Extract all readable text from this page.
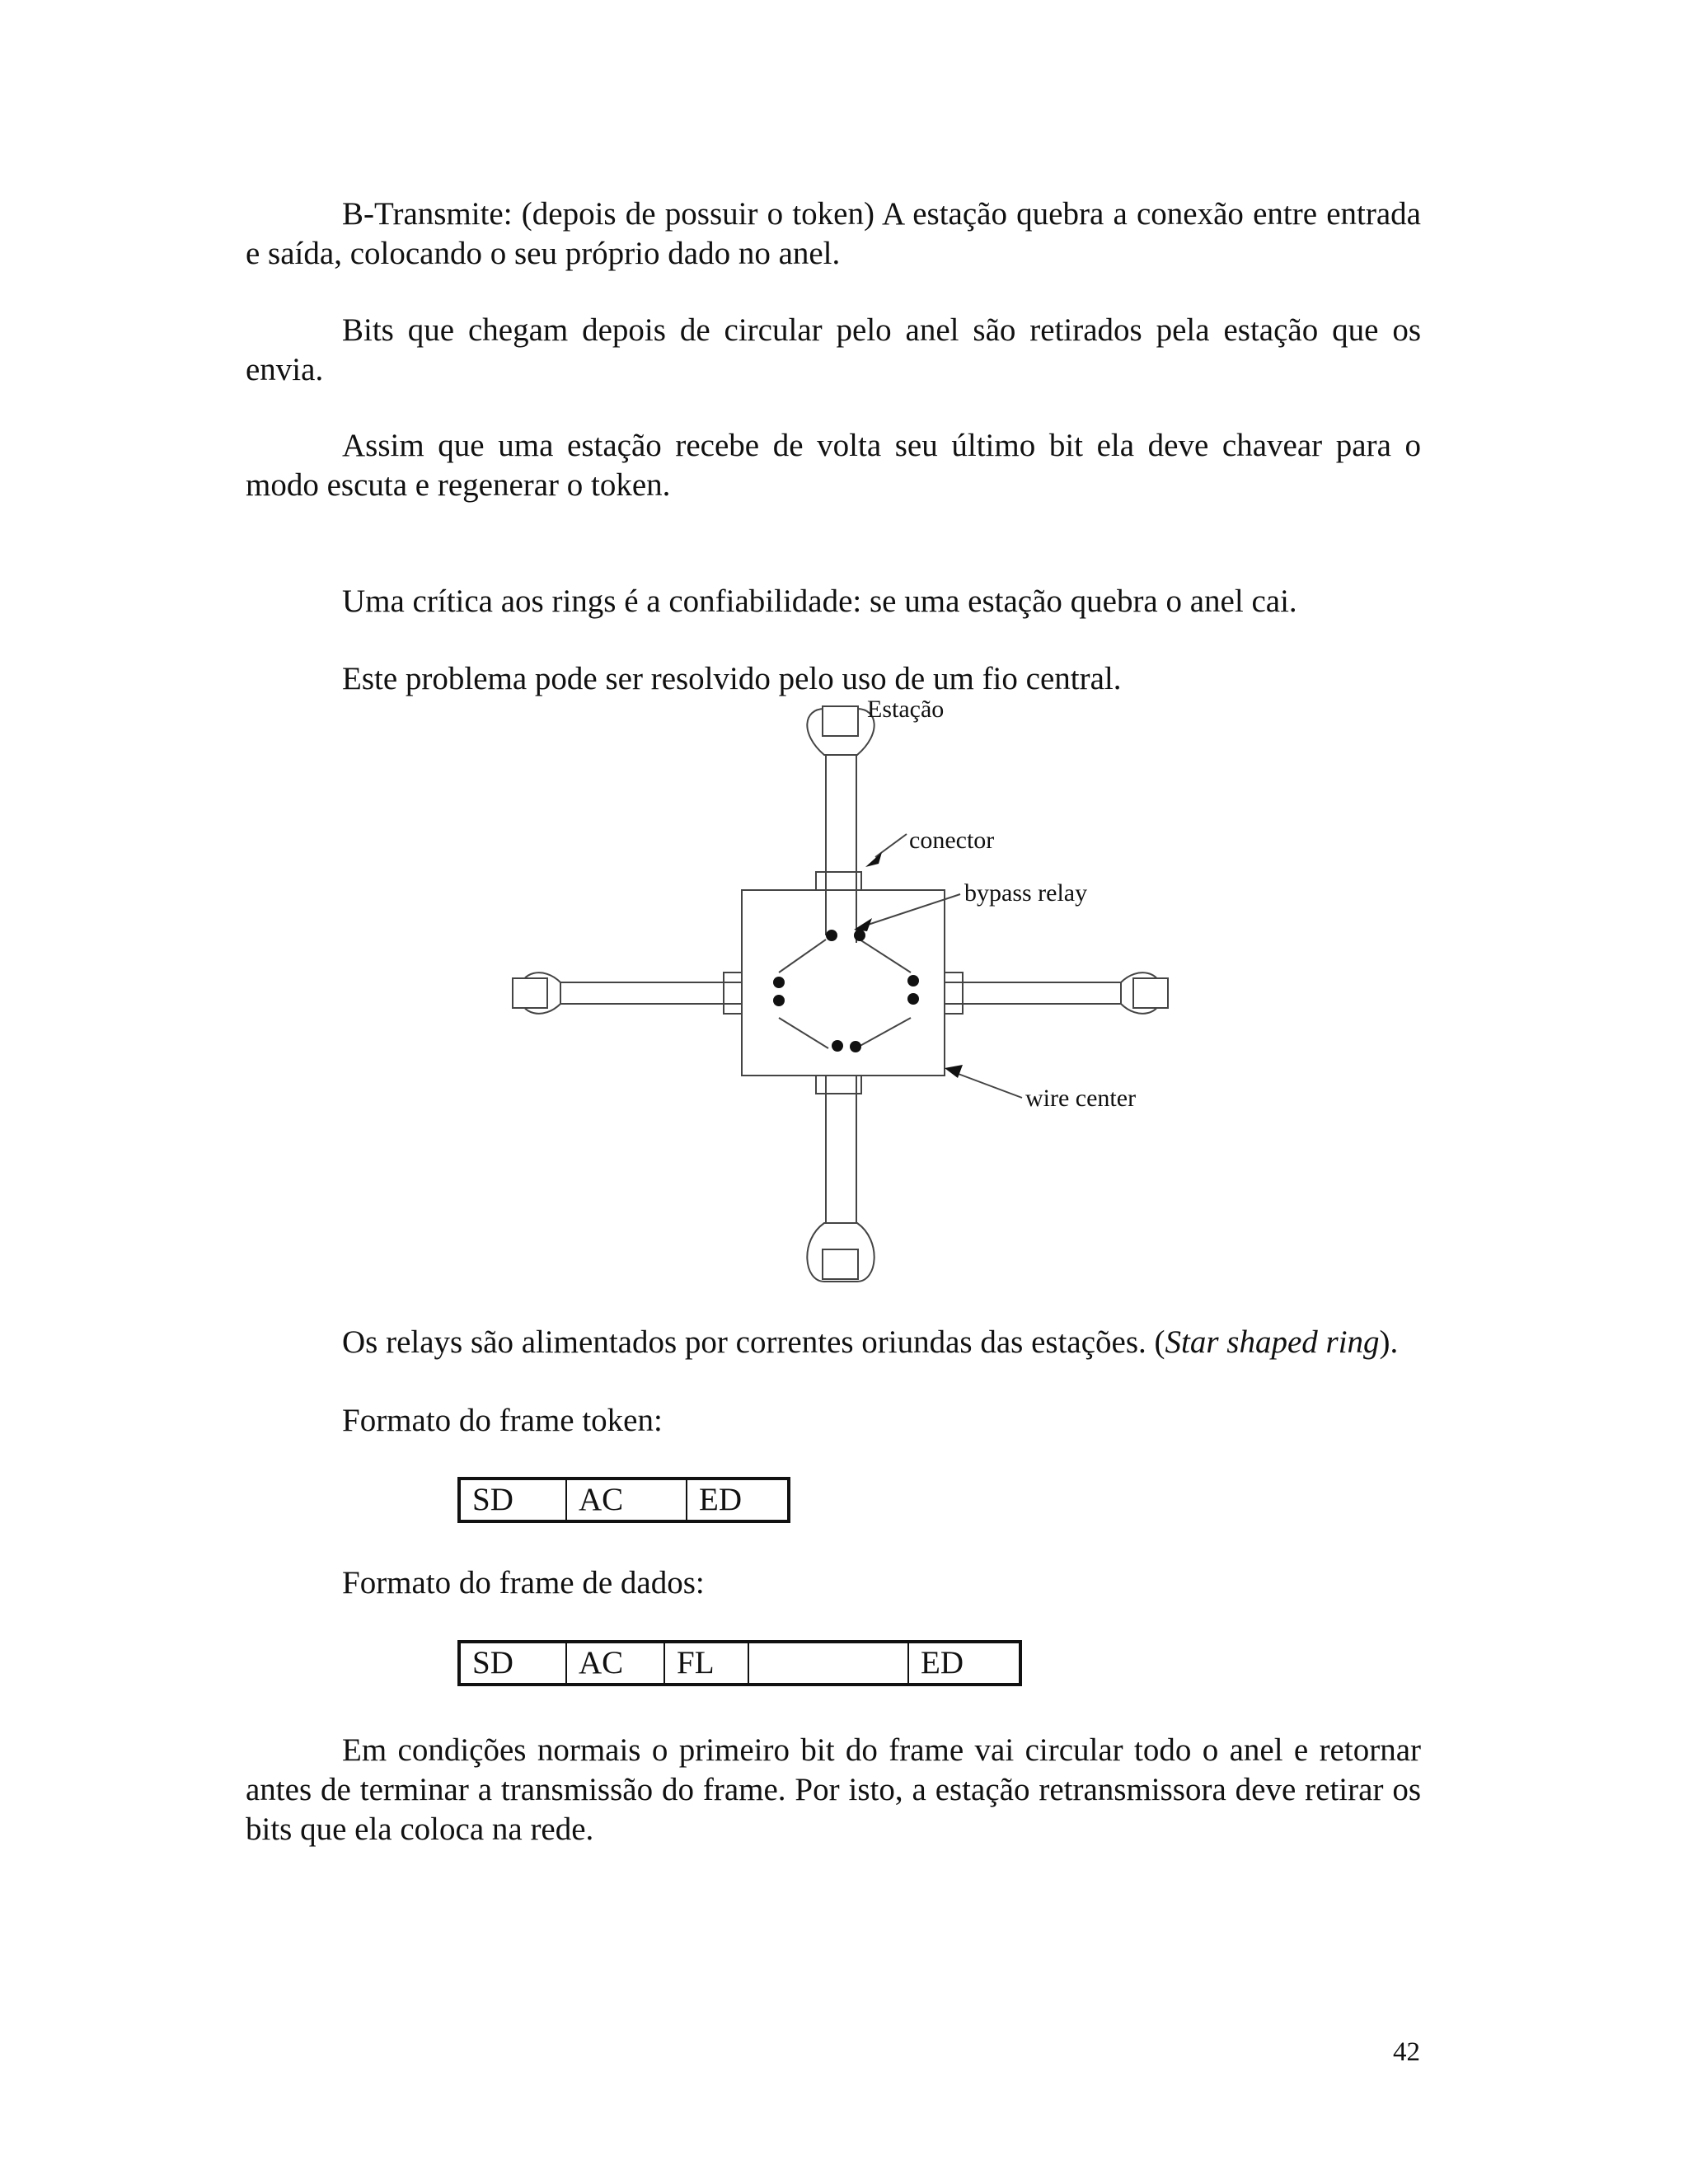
B-Transmite: (depois de possuir o token) A estação quebra a conexão entre entrada e saída, colocando o seu próprio dado no anel.

Bits que chegam depois de circular pelo anel são retirados pela estação que os envia.

Assim que uma estação recebe de volta seu último bit ela deve chavear para o modo escuta e regenerar o token.

Uma crítica aos rings é a confiabilidade: se uma estação quebra o anel cai.

Este problema pode ser resolvido pelo uso de um fio central.

Estação
conector
bypass relay
wire center

Os relays são alimentados por correntes oriundas das estações. (Star shaped ring).

Formato do frame token:

SD	AC	ED

Formato do frame de dados:

SD	AC	FL		ED

Em condições normais o primeiro bit do frame vai circular todo o anel e retornar antes de terminar a transmissão do frame. Por isto, a estação retransmissora deve retirar os bits que ela coloca na rede.

42
